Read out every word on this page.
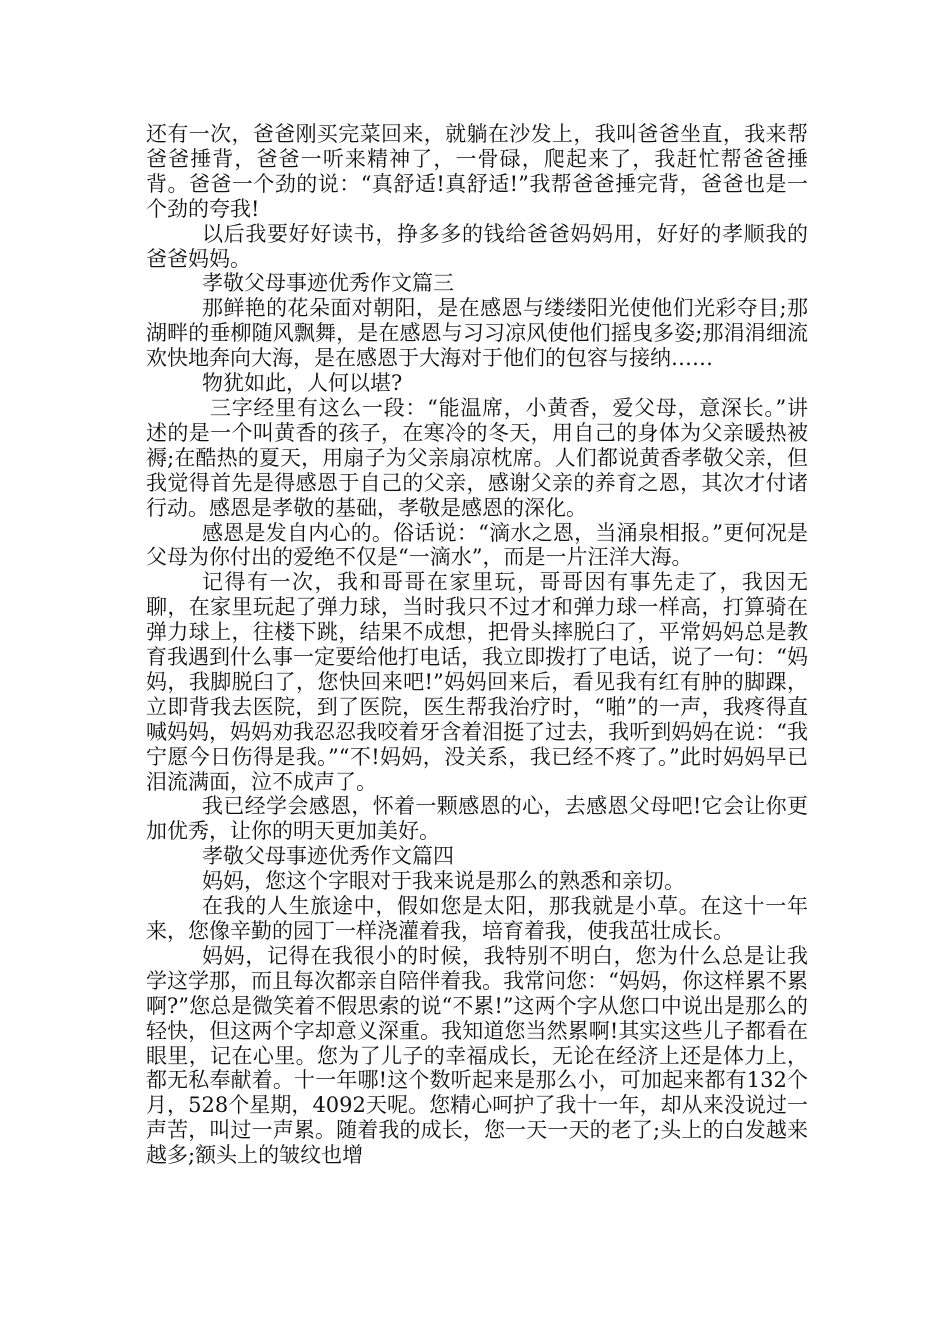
还有一次，爸爸刚买完菜回来，就躺在沙发上，我叫爸爸坐直，我来帮爸爸捶背，爸爸一听来精神了，一骨碌，爬起来了，我赶忙帮爸爸捶背。爸爸一个劲的说：“真舒适!真舒适!”我帮爸爸捶完背，爸爸也是一个劲的夸我!

以后我要好好读书，挣多多的钱给爸爸妈妈用，好好的孝顺我的爸爸妈妈。

孝敬父母事迹优秀作文篇三

那鲜艳的花朵面对朝阳，是在感恩与缕缕阳光使他们光彩夺目;那湖畔的垂柳随风飘舞，是在感恩与习习凉风使他们摇曳多姿;那涓涓细流欢快地奔向大海，是在感恩于大海对于他们的包容与接纳……

物犹如此，人何以堪?

三字经里有这么一段：“能温席，小黄香，爱父母，意深长。”讲述的是一个叫黄香的孩子，在寒冷的冬天，用自己的身体为父亲暖热被褥;在酷热的夏天，用扇子为父亲扇凉枕席。人们都说黄香孝敬父亲，但我觉得首先是得感恩于自己的父亲，感谢父亲的养育之恩，其次才付诸行动。感恩是孝敬的基础，孝敬是感恩的深化。

感恩是发自内心的。俗话说：“滴水之恩，当涌泉相报。”更何况是父母为你付出的爱绝不仅是“一滴水”，而是一片汪洋大海。

记得有一次，我和哥哥在家里玩，哥哥因有事先走了，我因无聊，在家里玩起了弹力球，当时我只不过才和弹力球一样高，打算骑在弹力球上，往楼下跳，结果不成想，把骨头摔脱臼了，平常妈妈总是教育我遇到什么事一定要给他打电话，我立即拨打了电话，说了一句：“妈妈，我脚脱臼了，您快回来吧!”妈妈回来后，看见我有红有肿的脚踝，立即背我去医院，到了医院，医生帮我治疗时，“啪”的一声，我疼得直喊妈妈，妈妈劝我忍忍我咬着牙含着泪挺了过去，我听到妈妈在说：“我宁愿今日伤得是我。”“不!妈妈，没关系，我已经不疼了。”此时妈妈早已泪流满面，泣不成声了。

我已经学会感恩，怀着一颗感恩的心，去感恩父母吧!它会让你更加优秀，让你的明天更加美好。

孝敬父母事迹优秀作文篇四

妈妈，您这个字眼对于我来说是那么的熟悉和亲切。

在我的人生旅途中，假如您是太阳，那我就是小草。在这十一年来，您像辛勤的园丁一样浇灌着我，培育着我，使我茁壮成长。

妈妈，记得在我很小的时候，我特别不明白，您为什么总是让我学这学那，而且每次都亲自陪伴着我。我常问您：“妈妈，你这样累不累啊?”您总是微笑着不假思索的说“不累!”这两个字从您口中说出是那么的轻快，但这两个字却意义深重。我知道您当然累啊!其实这些儿子都看在眼里，记在心里。您为了儿子的幸福成长，无论在经济上还是体力上，都无私奉献着。十一年哪!这个数听起来是那么小，可加起来都有132个月，528个星期，4092天呢。您精心呵护了我十一年，却从来没说过一声苦，叫过一声累。随着我的成长，您一天一天的老了;头上的白发越来越多;额头上的皱纹也增
